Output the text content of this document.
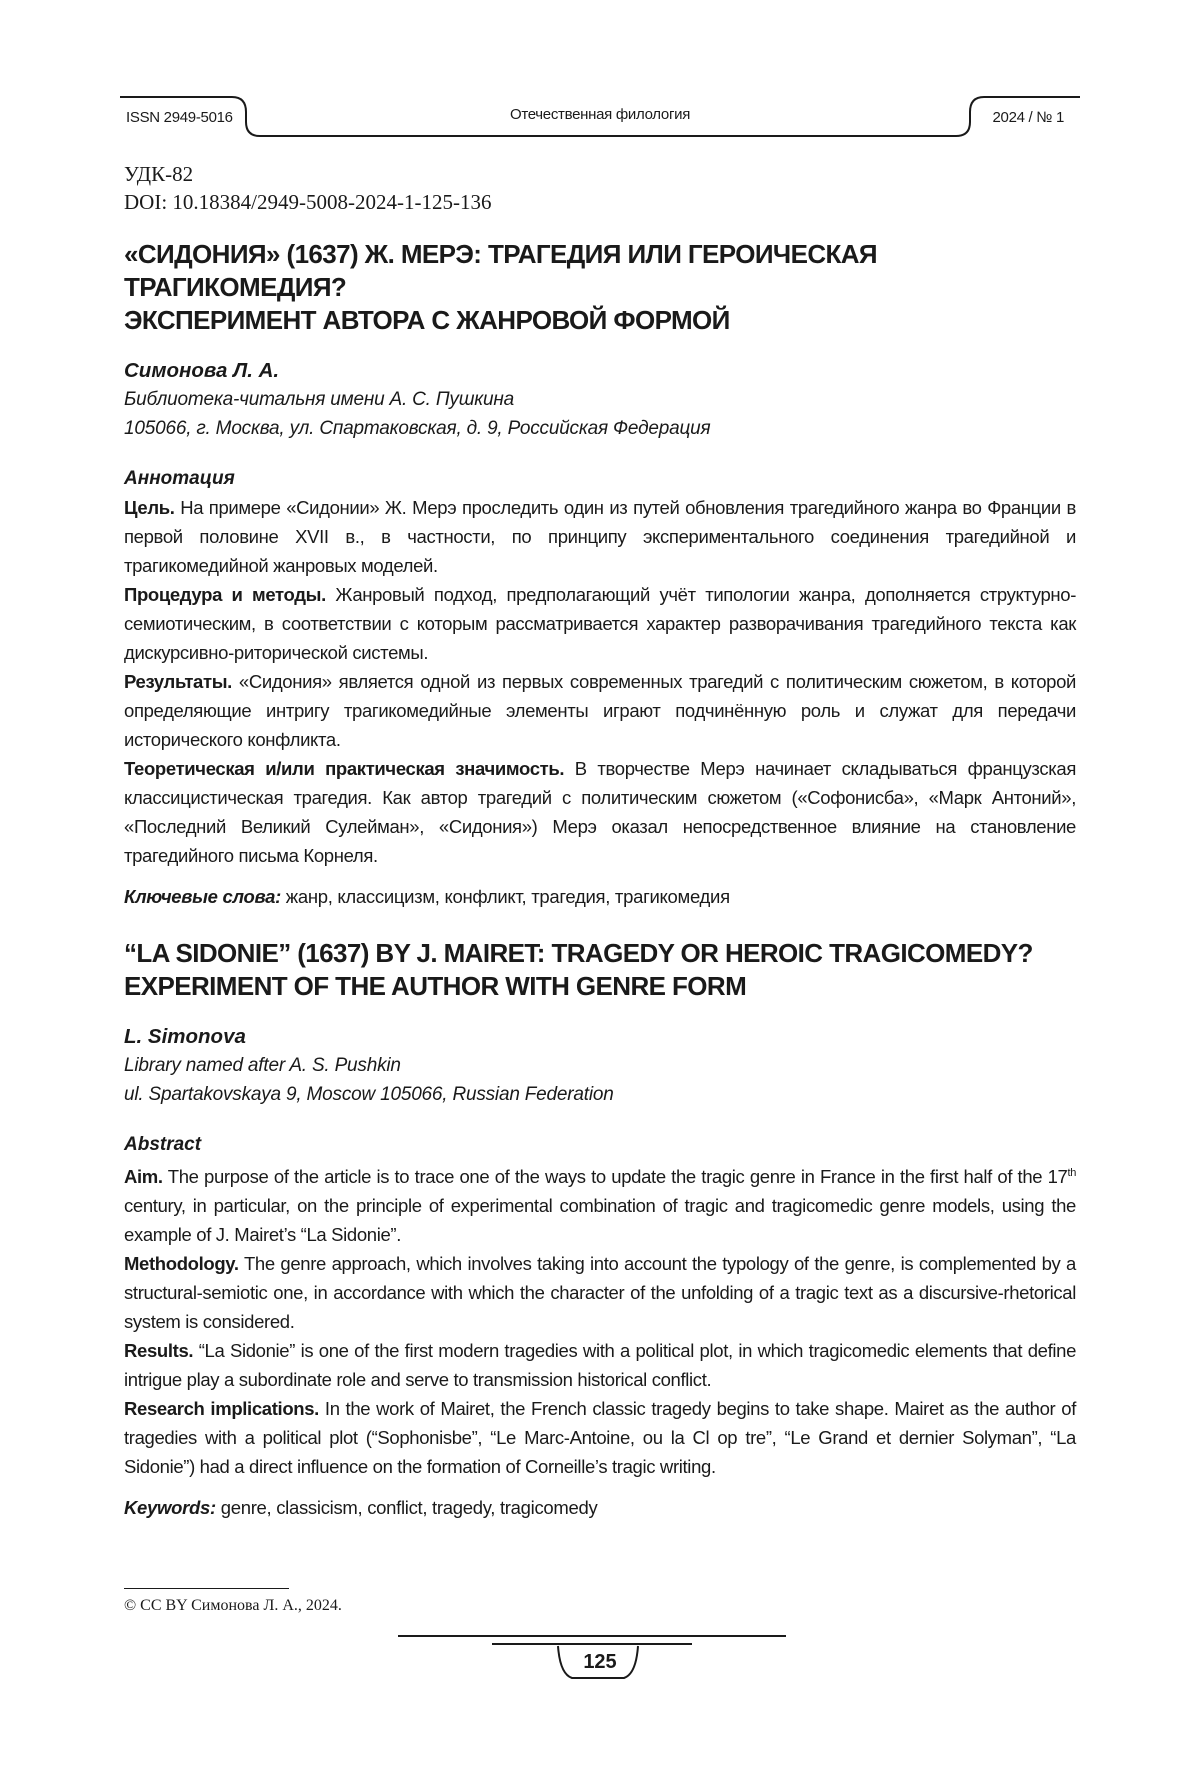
ISSN 2949-5016	Отечественная филология	2024 / № 1

УДК-82

DOI: 10.18384/2949-5008-2024-1-125-136

«СИДОНИЯ» (1637) Ж. МЕРЭ: ТРАГЕДИЯ ИЛИ ГЕРОИЧЕСКАЯ ТРАГИКОМЕДИЯ?
ЭКСПЕРИМЕНТ АВТОРА С ЖАНРОВОЙ ФОРМОЙ

Симонова Л. А.

Библиотека-читальня имени А. С. Пушкина

105066, г. Москва, ул. Спартаковская, д. 9, Российская Федерация

Аннотация

Цель. На примере «Сидонии» Ж. Мерэ проследить один из путей обновления трагедийного жанра во Франции в первой половине XVII в., в частности, по принципу экспериментального соединения трагедийной и трагикомедийной жанровых моделей.

Процедура и методы. Жанровый подход, предполагающий учёт типологии жанра, дополняется структурно-семиотическим, в соответствии с которым рассматривается характер разворачивания трагедийного текста как дискурсивно-риторической системы.

Результаты. «Сидония» является одной из первых современных трагедий с политическим сюжетом, в которой определяющие интригу трагикомедийные элементы играют подчинённую роль и служат для передачи исторического конфликта.

Теоретическая и/или практическая значимость. В творчестве Мерэ начинает складываться французская классицистическая трагедия. Как автор трагедий с политическим сюжетом («Софонисба», «Марк Антоний», «Последний Великий Сулейман», «Сидония») Мерэ оказал непосредственное влияние на становление трагедийного письма Корнеля.

Ключевые слова: жанр, классицизм, конфликт, трагедия, трагикомедия

“LA SIDONIE” (1637) BY J. MAIRET: TRAGEDY OR HEROIC TRAGICOMEDY?
EXPERIMENT OF THE AUTHOR WITH GENRE FORM

L. Simonova

Library named after A. S. Pushkin

ul. Spartakovskaya 9, Moscow 105066, Russian Federation

Abstract

Aim. The purpose of the article is to trace one of the ways to update the tragic genre in France in the first half of the 17th century, in particular, on the principle of experimental combination of tragic and tragicomedic genre models, using the example of J. Mairet’s “La Sidonie”.

Methodology. The genre approach, which involves taking into account the typology of the genre, is complemented by a structural-semiotic one, in accordance with which the character of the unfolding of a tragic text as a discursive-rhetorical system is considered.

Results. “La Sidonie” is one of the first modern tragedies with a political plot, in which tragicomedic elements that define intrigue play a subordinate role and serve to transmission historical conflict.

Research implications. In the work of Mairet, the French classic tragedy begins to take shape. Mairet as the author of tragedies with a political plot (“Sophonisbe”, “Le Marc-Antoine, ou la Cl op tre”, “Le Grand et dernier Solyman”, “La Sidonie”) had a direct influence on the formation of Corneille’s tragic writing.

Keywords: genre, classicism, conflict, tragedy, tragicomedy

© CC BY Симонова Л. А., 2024.
125
